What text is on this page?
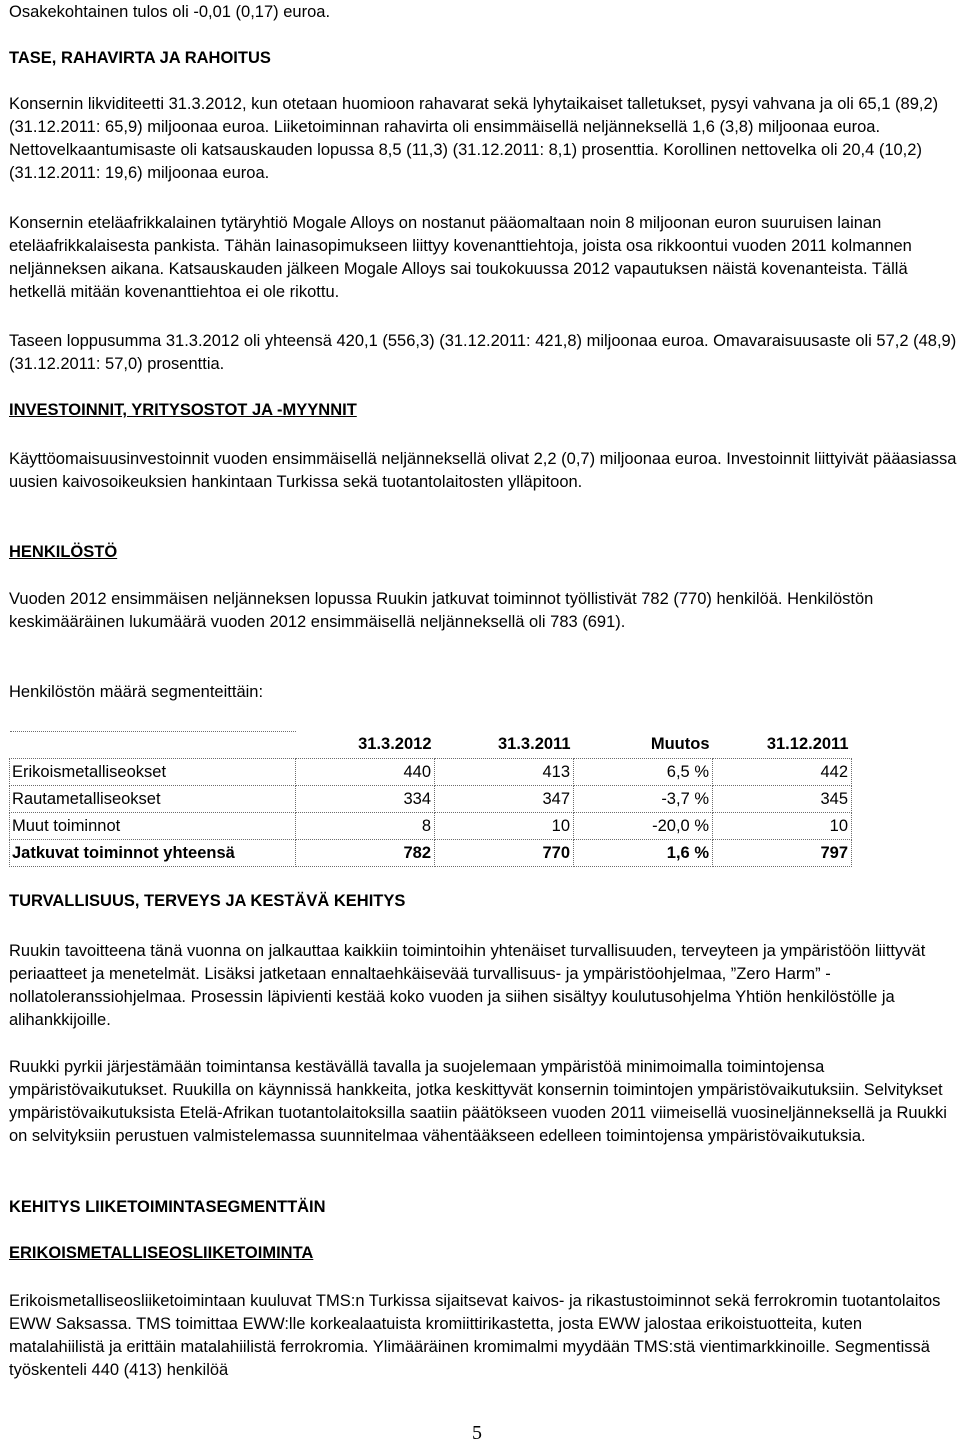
Osakekohtainen tulos oli -0,01 (0,17) euroa.

TASE, RAHAVIRTA JA RAHOITUS

Konsernin likviditeetti 31.3.2012, kun otetaan huomioon rahavarat sekä lyhytaikaiset talletukset, pysyi vahvana ja oli 65,1 (89,2) (31.12.2011: 65,9) miljoonaa euroa. Liiketoiminnan rahavirta oli ensimmäisellä neljänneksellä 1,6 (3,8) miljoonaa euroa. Nettovelkaantumisaste oli katsauskauden lopussa 8,5 (11,3) (31.12.2011: 8,1) prosenttia. Korollinen nettovelka oli 20,4 (10,2) (31.12.2011: 19,6) miljoonaa euroa.

Konsernin eteläafrikkalainen tytäryhtiö Mogale Alloys on nostanut pääomaltaan noin 8 miljoonan euron suuruisen lainan eteläafrikkalaisesta pankista. Tähän lainasopimukseen liittyy kovenanttiehtoja, joista osa rikkoontui vuoden 2011 kolmannen neljänneksen aikana. Katsauskauden jälkeen Mogale Alloys sai toukokuussa 2012 vapautuksen näistä kovenanteista. Tällä hetkellä mitään kovenanttiehtoa ei ole rikottu.

Taseen loppusumma 31.3.2012 oli yhteensä 420,1 (556,3) (31.12.2011: 421,8) miljoonaa euroa. Omavaraisuusaste oli 57,2 (48,9) (31.12.2011: 57,0) prosenttia.

INVESTOINNIT, YRITYSOSTOT JA -MYYNNIT

Käyttöomaisuusinvestoinnit vuoden ensimmäisellä neljänneksellä olivat 2,2 (0,7) miljoonaa euroa. Investoinnit liittyivät pääasiassa uusien kaivosoikeuksien hankintaan Turkissa sekä tuotantolaitosten ylläpitoon.

HENKILÖSTÖ

Vuoden 2012 ensimmäisen neljänneksen lopussa Ruukin jatkuvat toiminnot työllistivät 782 (770) henkilöä. Henkilöstön keskimääräinen lukumäärä vuoden 2012 ensimmäisellä neljänneksellä oli 783 (691).

Henkilöstön määrä segmenteittäin:

	31.3.2012	31.3.2011	Muutos	31.12.2011
Erikoismetalliseokset	440	413	6,5 %	442
Rautametalliseokset	334	347	-3,7 %	345
Muut toiminnot	8	10	-20,0 %	10
Jatkuvat toiminnot yhteensä	782	770	1,6 %	797

TURVALLISUUS, TERVEYS JA KESTÄVÄ KEHITYS

Ruukin tavoitteena tänä vuonna on jalkauttaa kaikkiin toimintoihin yhtenäiset turvallisuuden, terveyteen ja ympäristöön liittyvät periaatteet ja menetelmät. Lisäksi jatketaan ennaltaehkäisevää turvallisuus- ja ympäristöohjelmaa, ”Zero Harm” -nollatoleranssiohjelmaa. Prosessin läpivienti kestää koko vuoden ja siihen sisältyy koulutusohjelma Yhtiön henkilöstölle ja alihankkijoille.

Ruukki pyrkii järjestämään toimintansa kestävällä tavalla ja suojelemaan ympäristöä minimoimalla toimintojensa ympäristövaikutukset. Ruukilla on käynnissä hankkeita, jotka keskittyvät konsernin toimintojen ympäristövaikutuksiin. Selvitykset ympäristövaikutuksista Etelä-Afrikan tuotantolaitoksilla saatiin päätökseen vuoden 2011 viimeisellä vuosineljänneksellä ja Ruukki on selvityksiin perustuen valmistelemassa suunnitelmaa vähentääkseen edelleen toimintojensa ympäristövaikutuksia.

KEHITYS LIIKETOIMINTASEGMENTTÄIN

ERIKOISMETALLISEOSLIIKETOIMINTA

Erikoismetalliseosliiketoimintaan kuuluvat TMS:n Turkissa sijaitsevat kaivos- ja rikastustoiminnot sekä ferrokromin tuotantolaitos EWW Saksassa. TMS toimittaa EWW:lle korkealaatuista kromiittirikastetta, josta EWW jalostaa erikoistuotteita, kuten matalahiilistä ja erittäin matalahiilistä ferrokromia. Ylimääräinen kromimalmi myydään TMS:stä vientimarkkinoille. Segmentissä työskenteli 440 (413) henkilöä

5
